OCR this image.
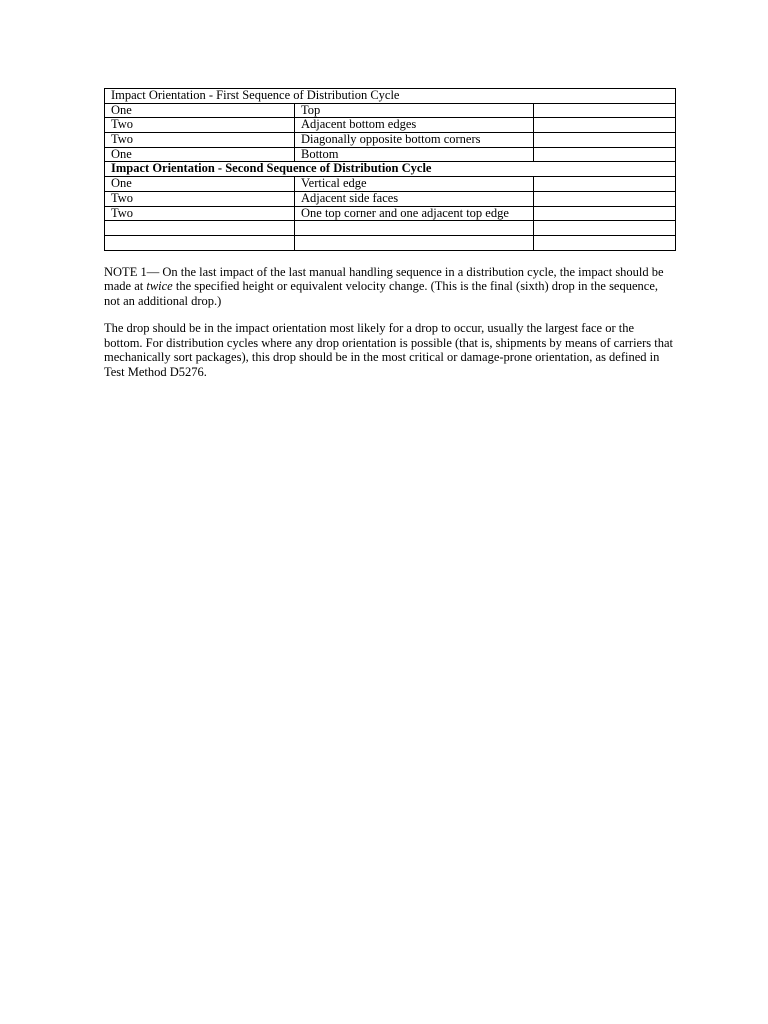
Impact Orientation - First Sequence of Distribution Cycle		
One	Top	
Two	Adjacent bottom edges	
Two	Diagonally opposite bottom corners	
One	Bottom	
Impact Orientation - Second Sequence of Distribution Cycle		
One	Vertical edge	
Two	Adjacent side faces	
Two	One top corner and one adjacent top edge	

NOTE 1— On the last impact of the last manual handling sequence in a distribution cycle, the impact should be made at twice the specified height or equivalent velocity change. (This is the final (sixth) drop in the sequence, not an additional drop.)

The drop should be in the impact orientation most likely for a drop to occur, usually the largest face or the bottom. For distribution cycles where any drop orientation is possible (that is, shipments by means of carriers that mechanically sort packages), this drop should be in the most critical or damage-prone orientation, as defined in Test Method D5276.
